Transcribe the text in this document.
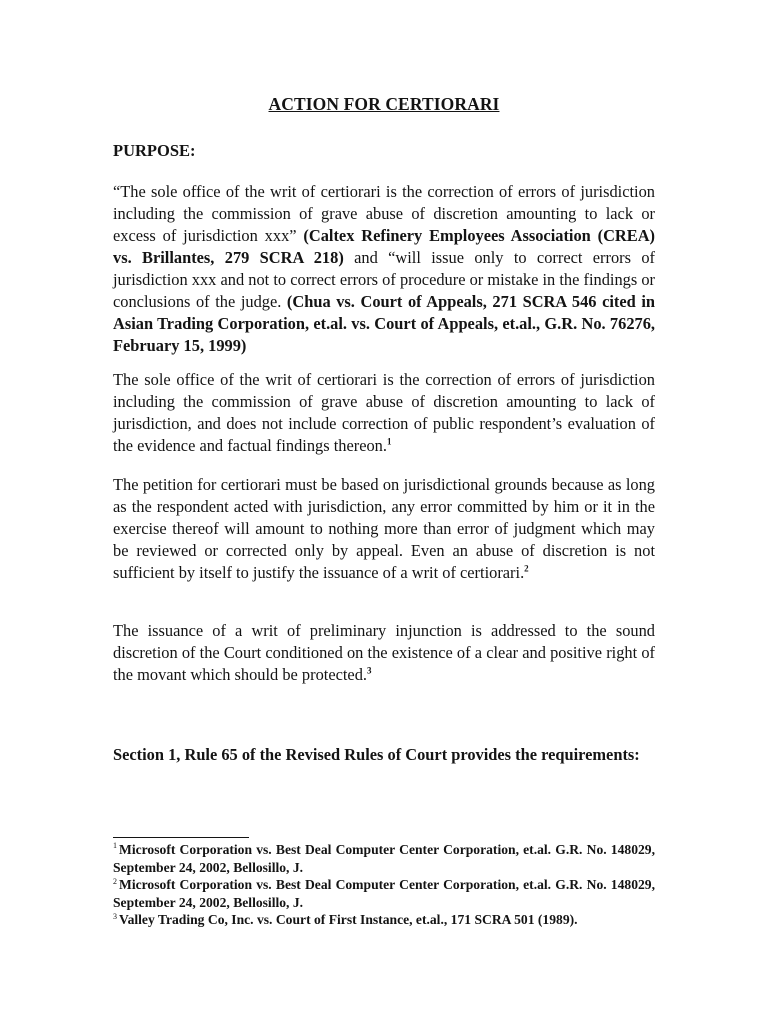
ACTION FOR CERTIORARI
PURPOSE:

“The sole office of the writ of certiorari is the correction of errors of jurisdiction including the commission of grave abuse of discretion amounting to lack or excess of jurisdiction xxx” (Caltex Refinery Employees Association (CREA) vs. Brillantes, 279 SCRA 218) and “will issue only to correct errors of jurisdiction xxx and not to correct errors of procedure or mistake in the findings or conclusions of the judge. (Chua vs. Court of Appeals, 271 SCRA 546 cited in Asian Trading Corporation, et.al. vs. Court of Appeals, et.al., G.R. No. 76276, February 15, 1999)

The sole office of the writ of certiorari is the correction of errors of jurisdiction including the commission of grave abuse of discretion amounting to lack of jurisdiction, and does not include correction of public respondent’s evaluation of the evidence and factual findings thereon.$^1$

The petition for certiorari must be based on jurisdictional grounds because as long as the respondent acted with jurisdiction, any error committed by him or it in the exercise thereof will amount to nothing more than error of judgment which may be reviewed or corrected only by appeal. Even an abuse of discretion is not sufficient by itself to justify the issuance of a writ of certiorari.$^2$

The issuance of a writ of preliminary injunction is addressed to the sound discretion of the Court conditioned on the existence of a clear and positive right of the movant which should be protected.$^3$

Section 1, Rule 65 of the Revised Rules of Court provides the requirements:

$^1$ Microsoft Corporation vs. Best Deal Computer Center Corporation, et.al. G.R. No. 148029, September 24, 2002, Bellosillo, J.

$^2$ Microsoft Corporation vs. Best Deal Computer Center Corporation, et.al. G.R. No. 148029, September 24, 2002, Bellosillo, J.

$^3$ Valley Trading Co, Inc. vs. Court of First Instance, et.al., 171 SCRA 501 (1989).
